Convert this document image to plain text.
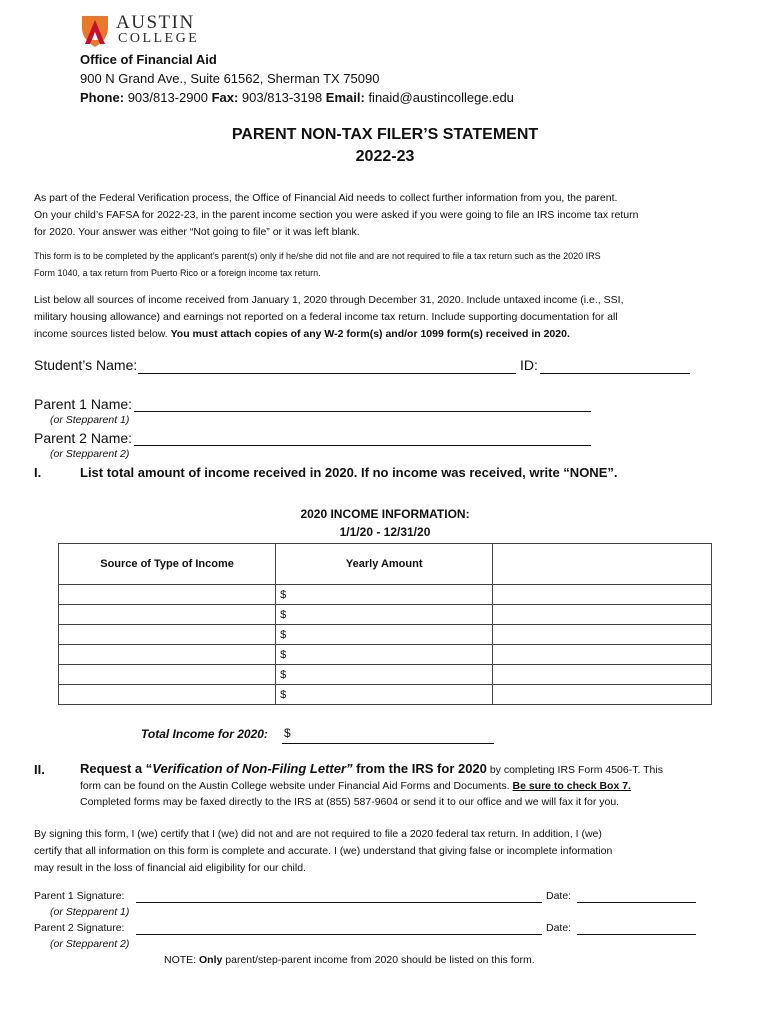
AUSTIN
COLLEGE
Office of Financial Aid
900 N Grand Ave., Suite 61562, Sherman TX 75090
Phone: 903/813-2900 Fax: 903/813-3198 Email: finaid@austincollege.edu
PARENT NON-TAX FILER’S STATEMENT
2022-23
As part of the Federal Verification process, the Office of Financial Aid needs to collect further information from you, the parent.
On your child’s FAFSA for 2022-23, in the parent income section you were asked if you were going to file an IRS income tax return
for 2020. Your answer was either “Not going to file” or it was left blank.
This form is to be completed by the applicant’s parent(s) only if he/she did not file and are not required to file a tax return such as the 2020 IRS
Form 1040, a tax return from Puerto Rico or a foreign income tax return.
List below all sources of income received from January 1, 2020 through December 31, 2020. Include untaxed income (i.e., SSI,
military housing allowance) and earnings not reported on a federal income tax return. Include supporting documentation for all
income sources listed below. You must attach copies of any W-2 form(s) and/or 1099 form(s) received in 2020.
Student’s Name:	ID:
Parent 1 Name:
(or Stepparent 1)
Parent 2 Name:
(or Stepparent 2)
I.	List total amount of income received in 2020. If no income was received, write “NONE”.
2020 INCOME INFORMATION:
1/1/20 - 12/31/20
Source of Type of Income	Yearly Amount	
	$	
	$	
	$	
	$	
	$	
	$	
Total Income for 2020: $
II.	Request a “Verification of Non-Filing Letter” from the IRS for 2020 by completing IRS Form 4506-T. This
form can be found on the Austin College website under Financial Aid Forms and Documents. Be sure to check Box 7.
Completed forms may be faxed directly to the IRS at (855) 587-9604 or send it to our office and we will fax it for you.
By signing this form, I (we) certify that I (we) did not and are not required to file a 2020 federal tax return. In addition, I (we)
certify that all information on this form is complete and accurate. I (we) understand that giving false or incomplete information
may result in the loss of financial aid eligibility for our child.
Parent 1 Signature:	Date:
(or Stepparent 1)
Parent 2 Signature:	Date:
(or Stepparent 2)
NOTE: Only parent/step-parent income from 2020 should be listed on this form.
